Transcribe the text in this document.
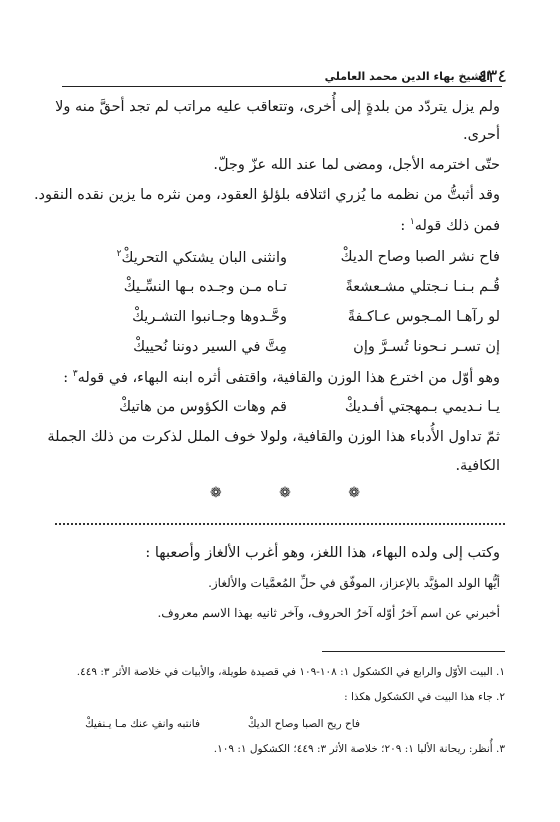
٤٣٤
الشيخ بهاء الدين محمد العاملي
ولم يزل يتردّد من بلدةٍ إلى أُخرى، وتتعاقب عليه مراتب لم تجد أحقَّ منه ولا
أحرى.
حتّى اخترمه الأجل، ومضى لما عند الله عزّ وجلّ.
وقد أثبتُّ من نظمه ما يُزري ائتلافه بلؤلؤ العقود، ومن نثره ما يزين نقده النقود.
فمن ذلك قوله$^١$ :
فاح نشر الصبا وصاح الديكْ
وانثنى البان يشتكي التحريكْ$^٢$
قُـم بـنـا نـجتلي مشـعشعةً
تـاه مـن وجـده بـها النسِّـيكْ
لو رآهـا المـجوس عـاكـفةً
وحَّـدوها وجـانبوا التشـريكْ
إن تسـر نـحونا تُسـرَّ وإن
مِتَّ في السير دوننا نُحييكْ
وهو أوّل من اخترع هذا الوزن والقافية، واقتفى أثره ابنه البهاء، في قوله$^٣$ :
يـا نـديمي بـمهجتي أفـديكْ
قم وهات الكؤوس من هاتيكْ
ثمّ تداول الأُدباء هذا الوزن والقافية، ولولا خوف الملل لذكرت من ذلك الجملة
الكافية.
❁	❁	❁
وكتب إلى ولده البهاء، هذا اللغز، وهو أغرب الألغاز وأصعبها :
أيُّها الولد المؤيَّد بالإعزاز، الموفّق في حلِّ المُعمَّيات والألغاز.
أخبرني عن اسم آخرُ أوّله آخرُ الحروف، وآخر ثانيه بهذا الاسم معروف.
١. البيت الأوّل والرابع في الكشكول ١: ١٠٨-١٠٩ في قصيدة طويلة، والأبيات في خلاصة الأثر ٣: ٤٤٩.
٢. جاء هذا البيت في الكشكول هكذا :
فاح ريح الصبا وصاح الديكْ
فانتبه وانفِ عنك مـا يـنفيكْ
٣. أُنظر: ريحانة الألبا ١: ٢٠٩؛ خلاصة الأثر ٣: ٤٤٩؛ الكشكول ١: ١٠٩.
